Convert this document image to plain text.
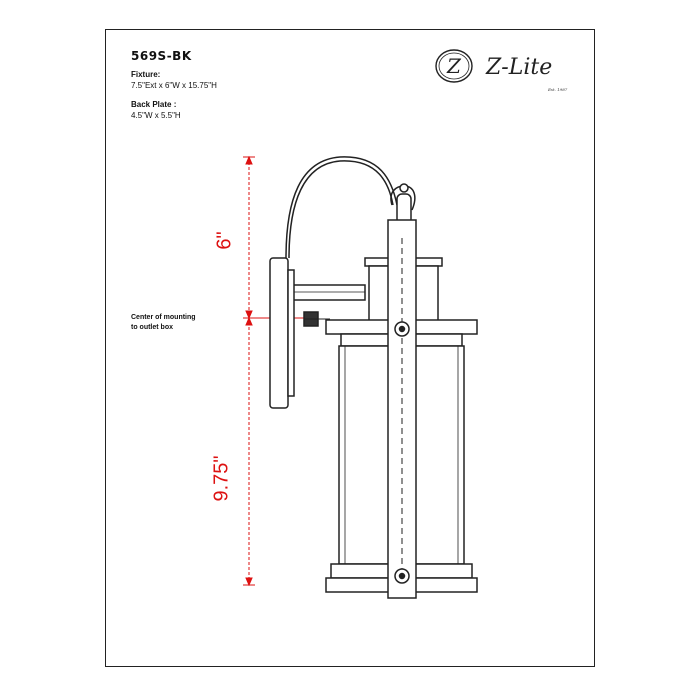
569S-BK
Fixture:
7.5"Ext x 6"W x 15.75"H
Back Plate :
4.5"W x 5.5"H
Z Z-Lite
Est. 1987
Center of mounting
to outlet box
6"
9.75"
